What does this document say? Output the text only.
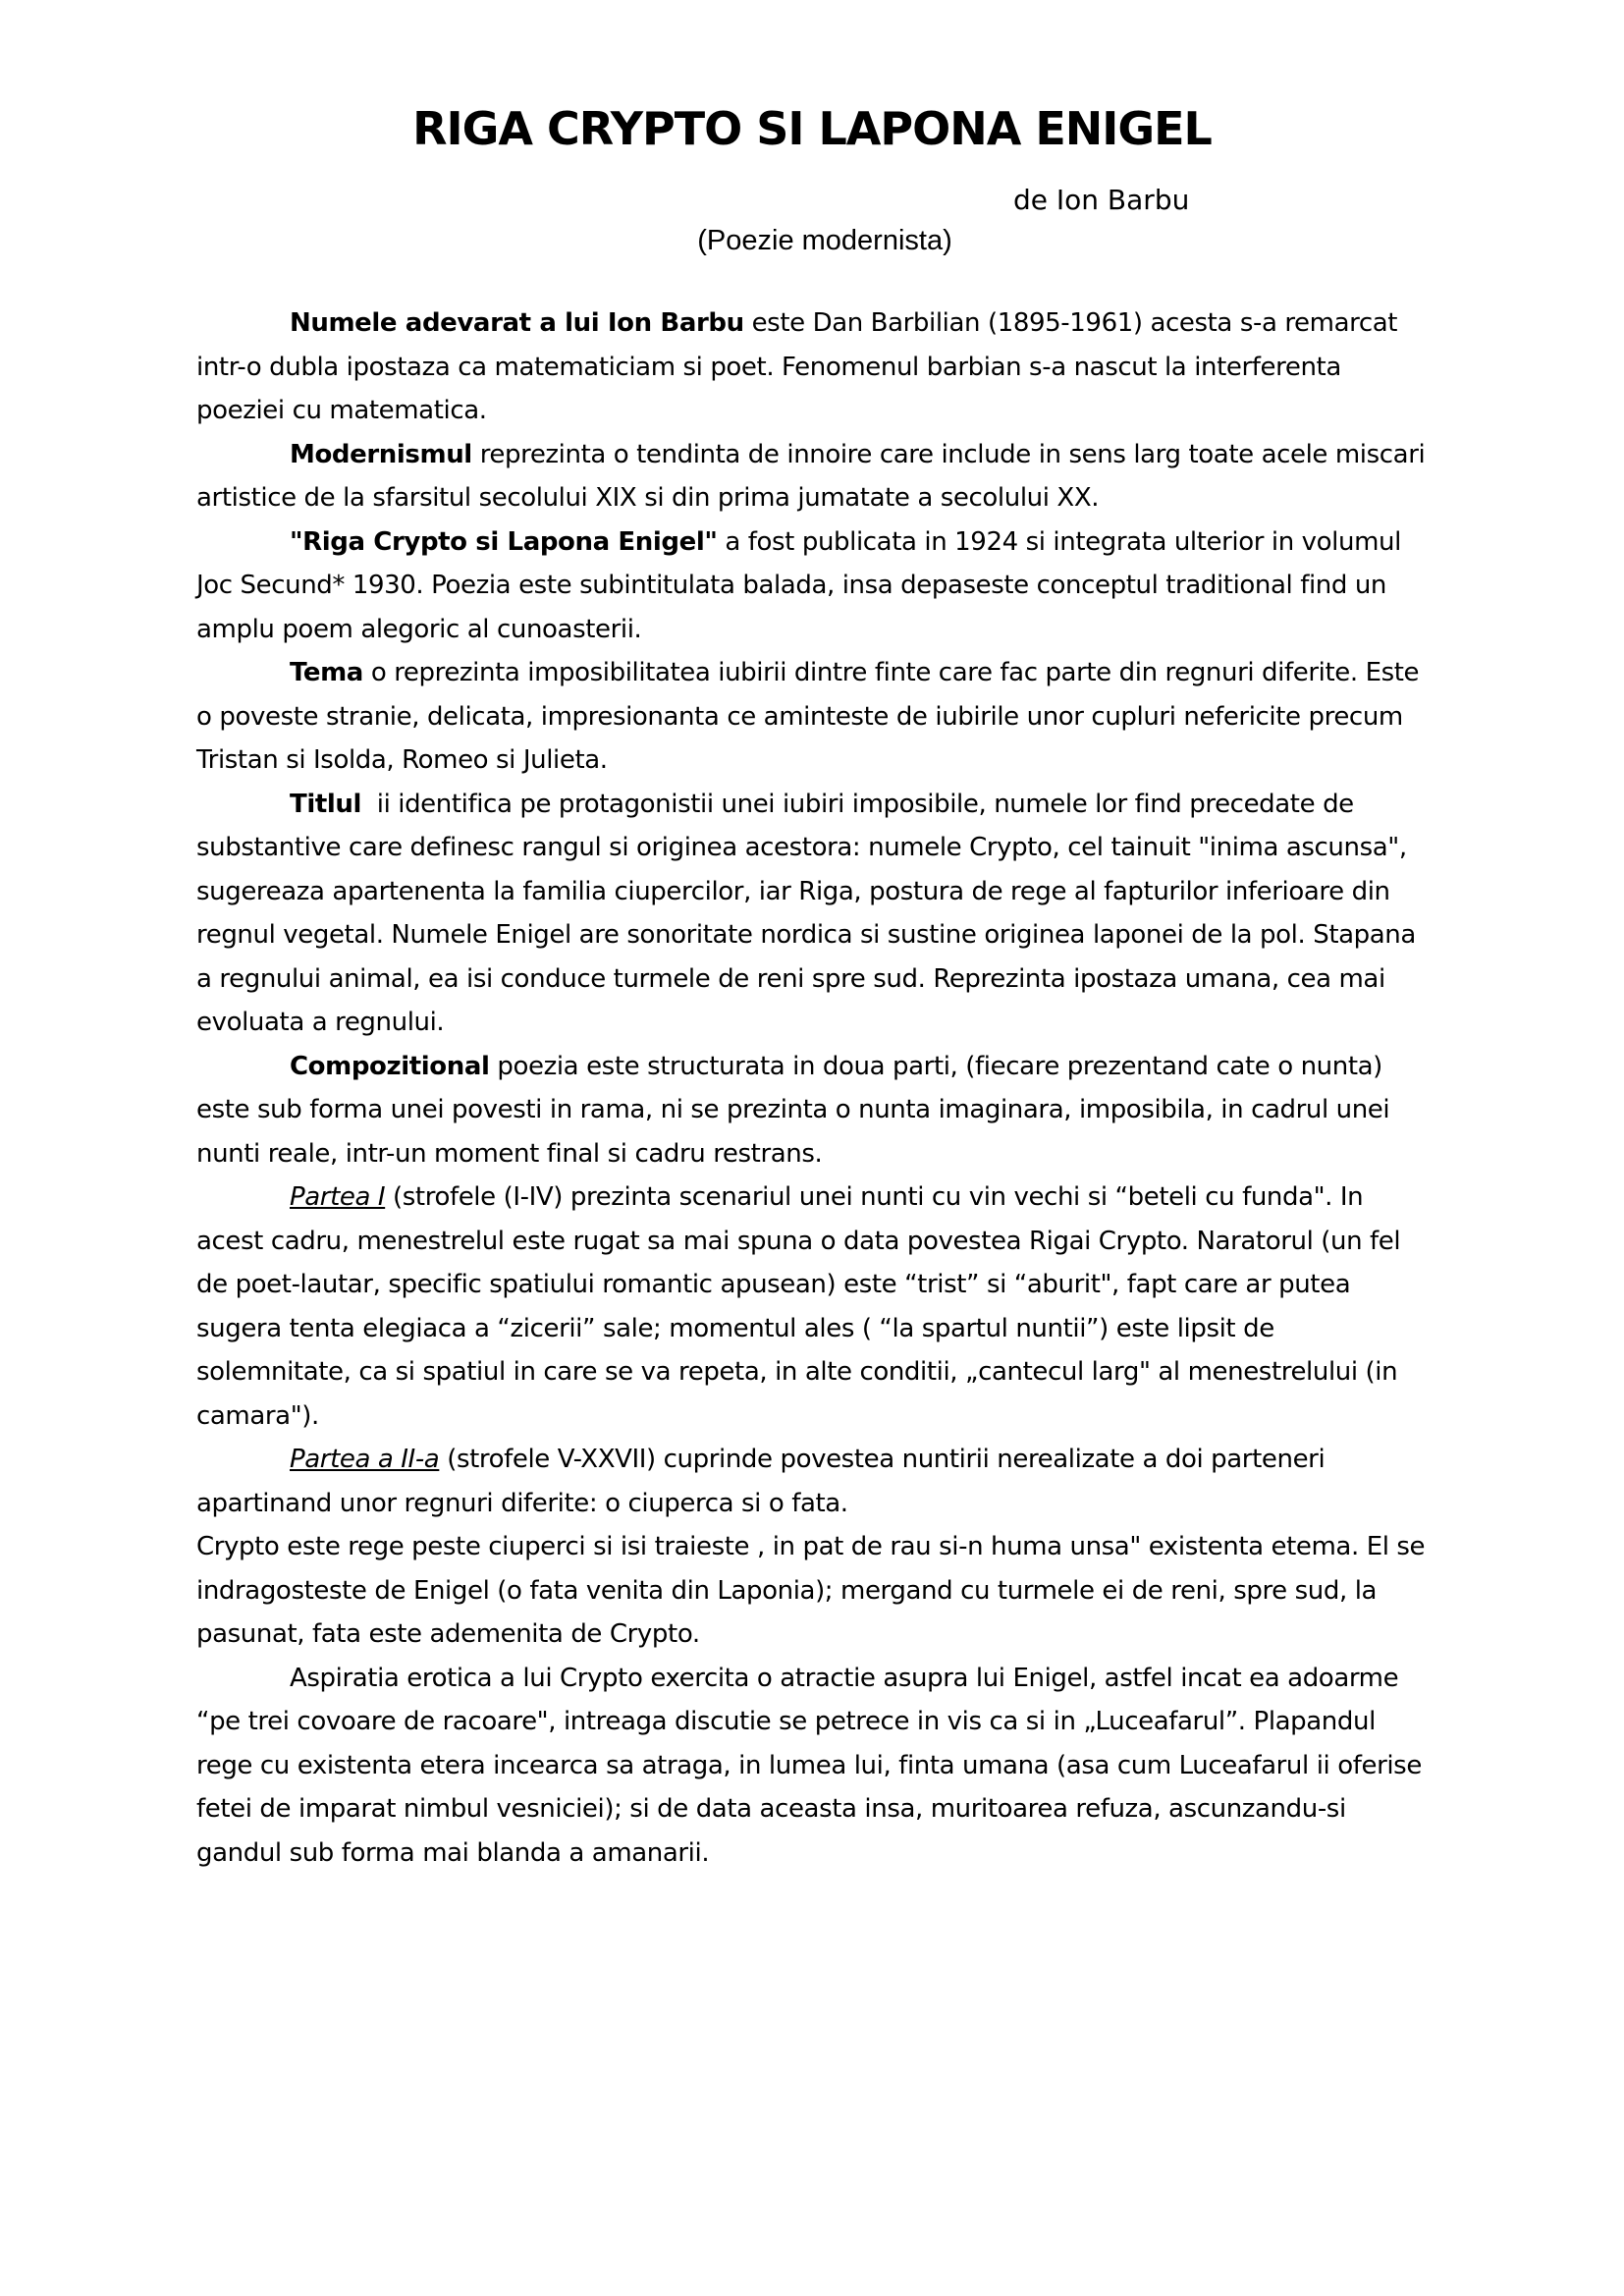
RIGA CRYPTO SI LAPONA ENIGEL
de Ion Barbu
(Poezie modernista)

Numele adevarat a lui Ion Barbu este Dan Barbilian (1895-1961) acesta s-a remarcat intr-o dubla ipostaza ca matematiciam si poet. Fenomenul barbian s-a nascut la interferenta poeziei cu matematica.

Modernismul reprezinta o tendinta de innoire care include in sens larg toate acele miscari artistice de la sfarsitul secolului XIX si din prima jumatate a secolului XX.

"Riga Crypto si Lapona Enigel" a fost publicata in 1924 si integrata ulterior in volumul Joc Secund* 1930. Poezia este subintitulata balada, insa depaseste conceptul traditional find un amplu poem alegoric al cunoasterii.

Tema o reprezinta imposibilitatea iubirii dintre finte care fac parte din regnuri diferite. Este o poveste stranie, delicata, impresionanta ce aminteste de iubirile unor cupluri nefericite precum Tristan si Isolda, Romeo si Julieta.

Titlul  ii identifica pe protagonistii unei iubiri imposibile, numele lor find precedate de substantive care definesc rangul si originea acestora: numele Crypto, cel tainuit "inima ascunsa", sugereaza apartenenta la familia ciupercilor, iar Riga, postura de rege al fapturilor inferioare din regnul vegetal. Numele Enigel are sonoritate nordica si sustine originea laponei de la pol. Stapana a regnului animal, ea isi conduce turmele de reni spre sud. Reprezinta ipostaza umana, cea mai evoluata a regnului.

Compozitional poezia este structurata in doua parti, (fiecare prezentand cate o nunta) este sub forma unei povesti in rama, ni se prezinta o nunta imaginara, imposibila, in cadrul unei nunti reale, intr-un moment final si cadru restrans.

Partea I (strofele (I-IV) prezinta scenariul unei nunti cu vin vechi si “beteli cu funda". In acest cadru, menestrelul este rugat sa mai spuna o data povestea Rigai Crypto. Naratorul (un fel de poet-lautar, specific spatiului romantic apusean) este “trist” si “aburit", fapt care ar putea sugera tenta elegiaca a “zicerii” sale; momentul ales ( “la spartul nuntii”) este lipsit de solemnitate, ca si spatiul in care se va repeta, in alte conditii, „cantecul larg" al menestrelului (in camara").

Partea a II-a (strofele V-XXVII) cuprinde povestea nuntirii nerealizate a doi parteneri apartinand unor regnuri diferite: o ciuperca si o fata.

Crypto este rege peste ciuperci si isi traieste , in pat de rau si-n huma unsa" existenta etema. El se indragosteste de Enigel (o fata venita din Laponia); mergand cu turmele ei de reni, spre sud, la pasunat, fata este ademenita de Crypto.

Aspiratia erotica a lui Crypto exercita o atractie asupra lui Enigel, astfel incat ea adoarme “pe trei covoare de racoare", intreaga discutie se petrece in vis ca si in „Luceafarul”. Plapandul rege cu existenta etera incearca sa atraga, in lumea lui, finta umana (asa cum Luceafarul ii oferise fetei de imparat nimbul vesniciei); si de data aceasta insa, muritoarea refuza, ascunzandu-si gandul sub forma mai blanda a amanarii.
